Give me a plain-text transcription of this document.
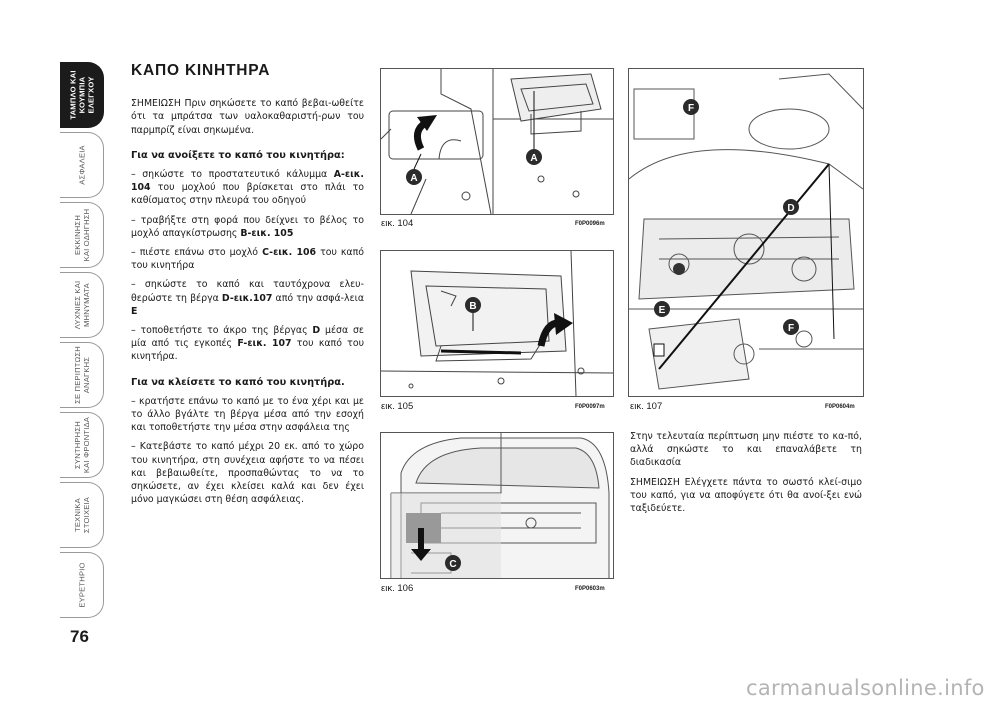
ΤΑΜΠΛΟ ΚΑΙ
ΚΟΥΜΠΙΑ
ΕΛΕΓΧΟΥ
ΑΣΦΑΛΕΙΑ
ΕΚΚΙΝΗΣΗ
ΚΑΙ ΟΔΗΓΗΣΗ
ΛΥΧΝΙΕΣ ΚΑΙ
ΜΗΝΥΜΑΤΑ
ΣΕ ΠΕΡΙΠΤΩΣΗ
ΑΝΑΓΚΗΣ
ΣΥΝΤΗΡΗΣΗ
ΚΑΙ ΦΡΟΝΤΙΔΑ
ΤΕΧΝΙΚΑ
ΣΤΟΙΧΕΙΑ
ΕΥΡΕΤΗΡΙΟ
76
ΚΑΠΟ ΚΙΝΗΤΗΡΑ

ΣΗΜΕΙΩΣΗ Πριν σηκώσετε το καπό βεβαι-ωθείτε ότι τα μπράτσα των υαλοκαθαριστή-ρων του παρμπρίζ είναι σηκωμένα.

Για να ανοίξετε το καπό του κινητήρα:

– σηκώστε το προστατευτικό κάλυμμα A-εικ. 104 του μοχλού που βρίσκεται στο πλάι το καθίσματος στην πλευρά του οδηγού

– τραβήξτε στη φορά που δείχνει το βέλος το μοχλό απαγκίστρωσης B-εικ. 105

– πιέστε επάνω στο μοχλό C-εικ. 106 του καπό του κινητήρα

– σηκώστε το καπό και ταυτόχρονα ελευ-θερώστε τη βέργα D-εικ.107 από την ασφά-λεια E

– τοποθετήστε το άκρο της βέργας D μέσα σε μία από τις εγκοπές F-εικ. 107 του καπό του κινητήρα.

Για να κλείσετε το καπό του κινητήρα.

– κρατήστε επάνω το καπό με το ένα χέρι και με το άλλο βγάλτε τη βέργα μέσα από την εσοχή και τοποθετήστε την μέσα στην ασφάλεια της

– Κατεβάστε το καπό μέχρι 20 εκ. από το χώρο του κινητήρα, στη συνέχεια αφήστε το να πέσει και βεβαιωθείτε, προσπαθώντας το να το σηκώσετε, αν έχει κλείσει καλά και δεν έχει μόνο μαγκώσει στη θέση ασφάλειας.

A
A
εικ. 104	F0P0096m
B
εικ. 105	F0P0097m
C
εικ. 106	F0P0603m
F
D
E
F
εικ. 107	F0P0604m

Στην τελευταία περίπτωση μην πιέστε το κα-πό, αλλά σηκώστε το και επαναλάβετε τη διαδικασία

ΣΗΜΕΙΩΣΗ Ελέγχετε πάντα το σωστό κλεί-σιμο του καπό, για να αποφύγετε ότι θα ανοί-ξει ενώ ταξιδεύετε.

carmanualsonline.info
